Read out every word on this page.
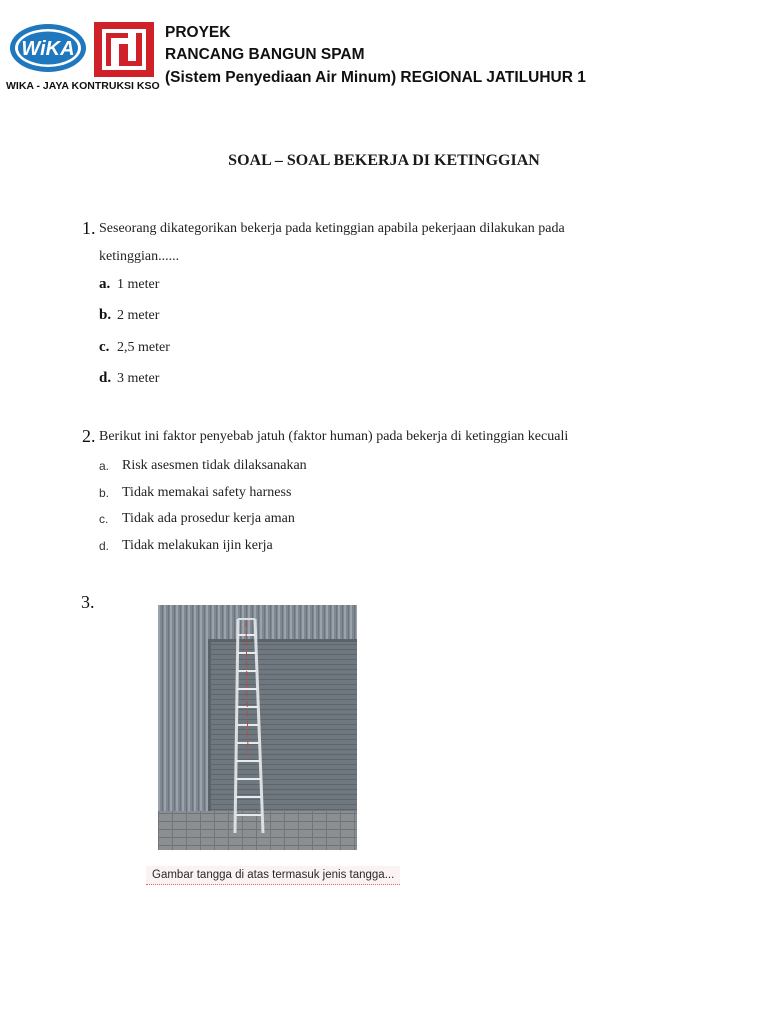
WiKA
WIKA - JAYA KONTRUKSI KSO
PROYEK
RANCANG BANGUN SPAM
(Sistem Penyediaan Air Minum) REGIONAL JATILUHUR 1
SOAL – SOAL BEKERJA DI KETINGGIAN
1. Seseorang dikategorikan bekerja pada ketinggian apabila pekerjaan dilakukan pada
ketinggian......
a. 1 meter
b. 2 meter
c. 2,5 meter
d. 3 meter
2. Berikut ini faktor penyebab jatuh (faktor human) pada bekerja di ketinggian kecuali
a. Risk asesmen tidak dilaksanakan
b. Tidak memakai safety harness
c. Tidak ada prosedur kerja aman
d. Tidak melakukan ijin kerja
3.
Gambar tangga di atas termasuk jenis tangga...
